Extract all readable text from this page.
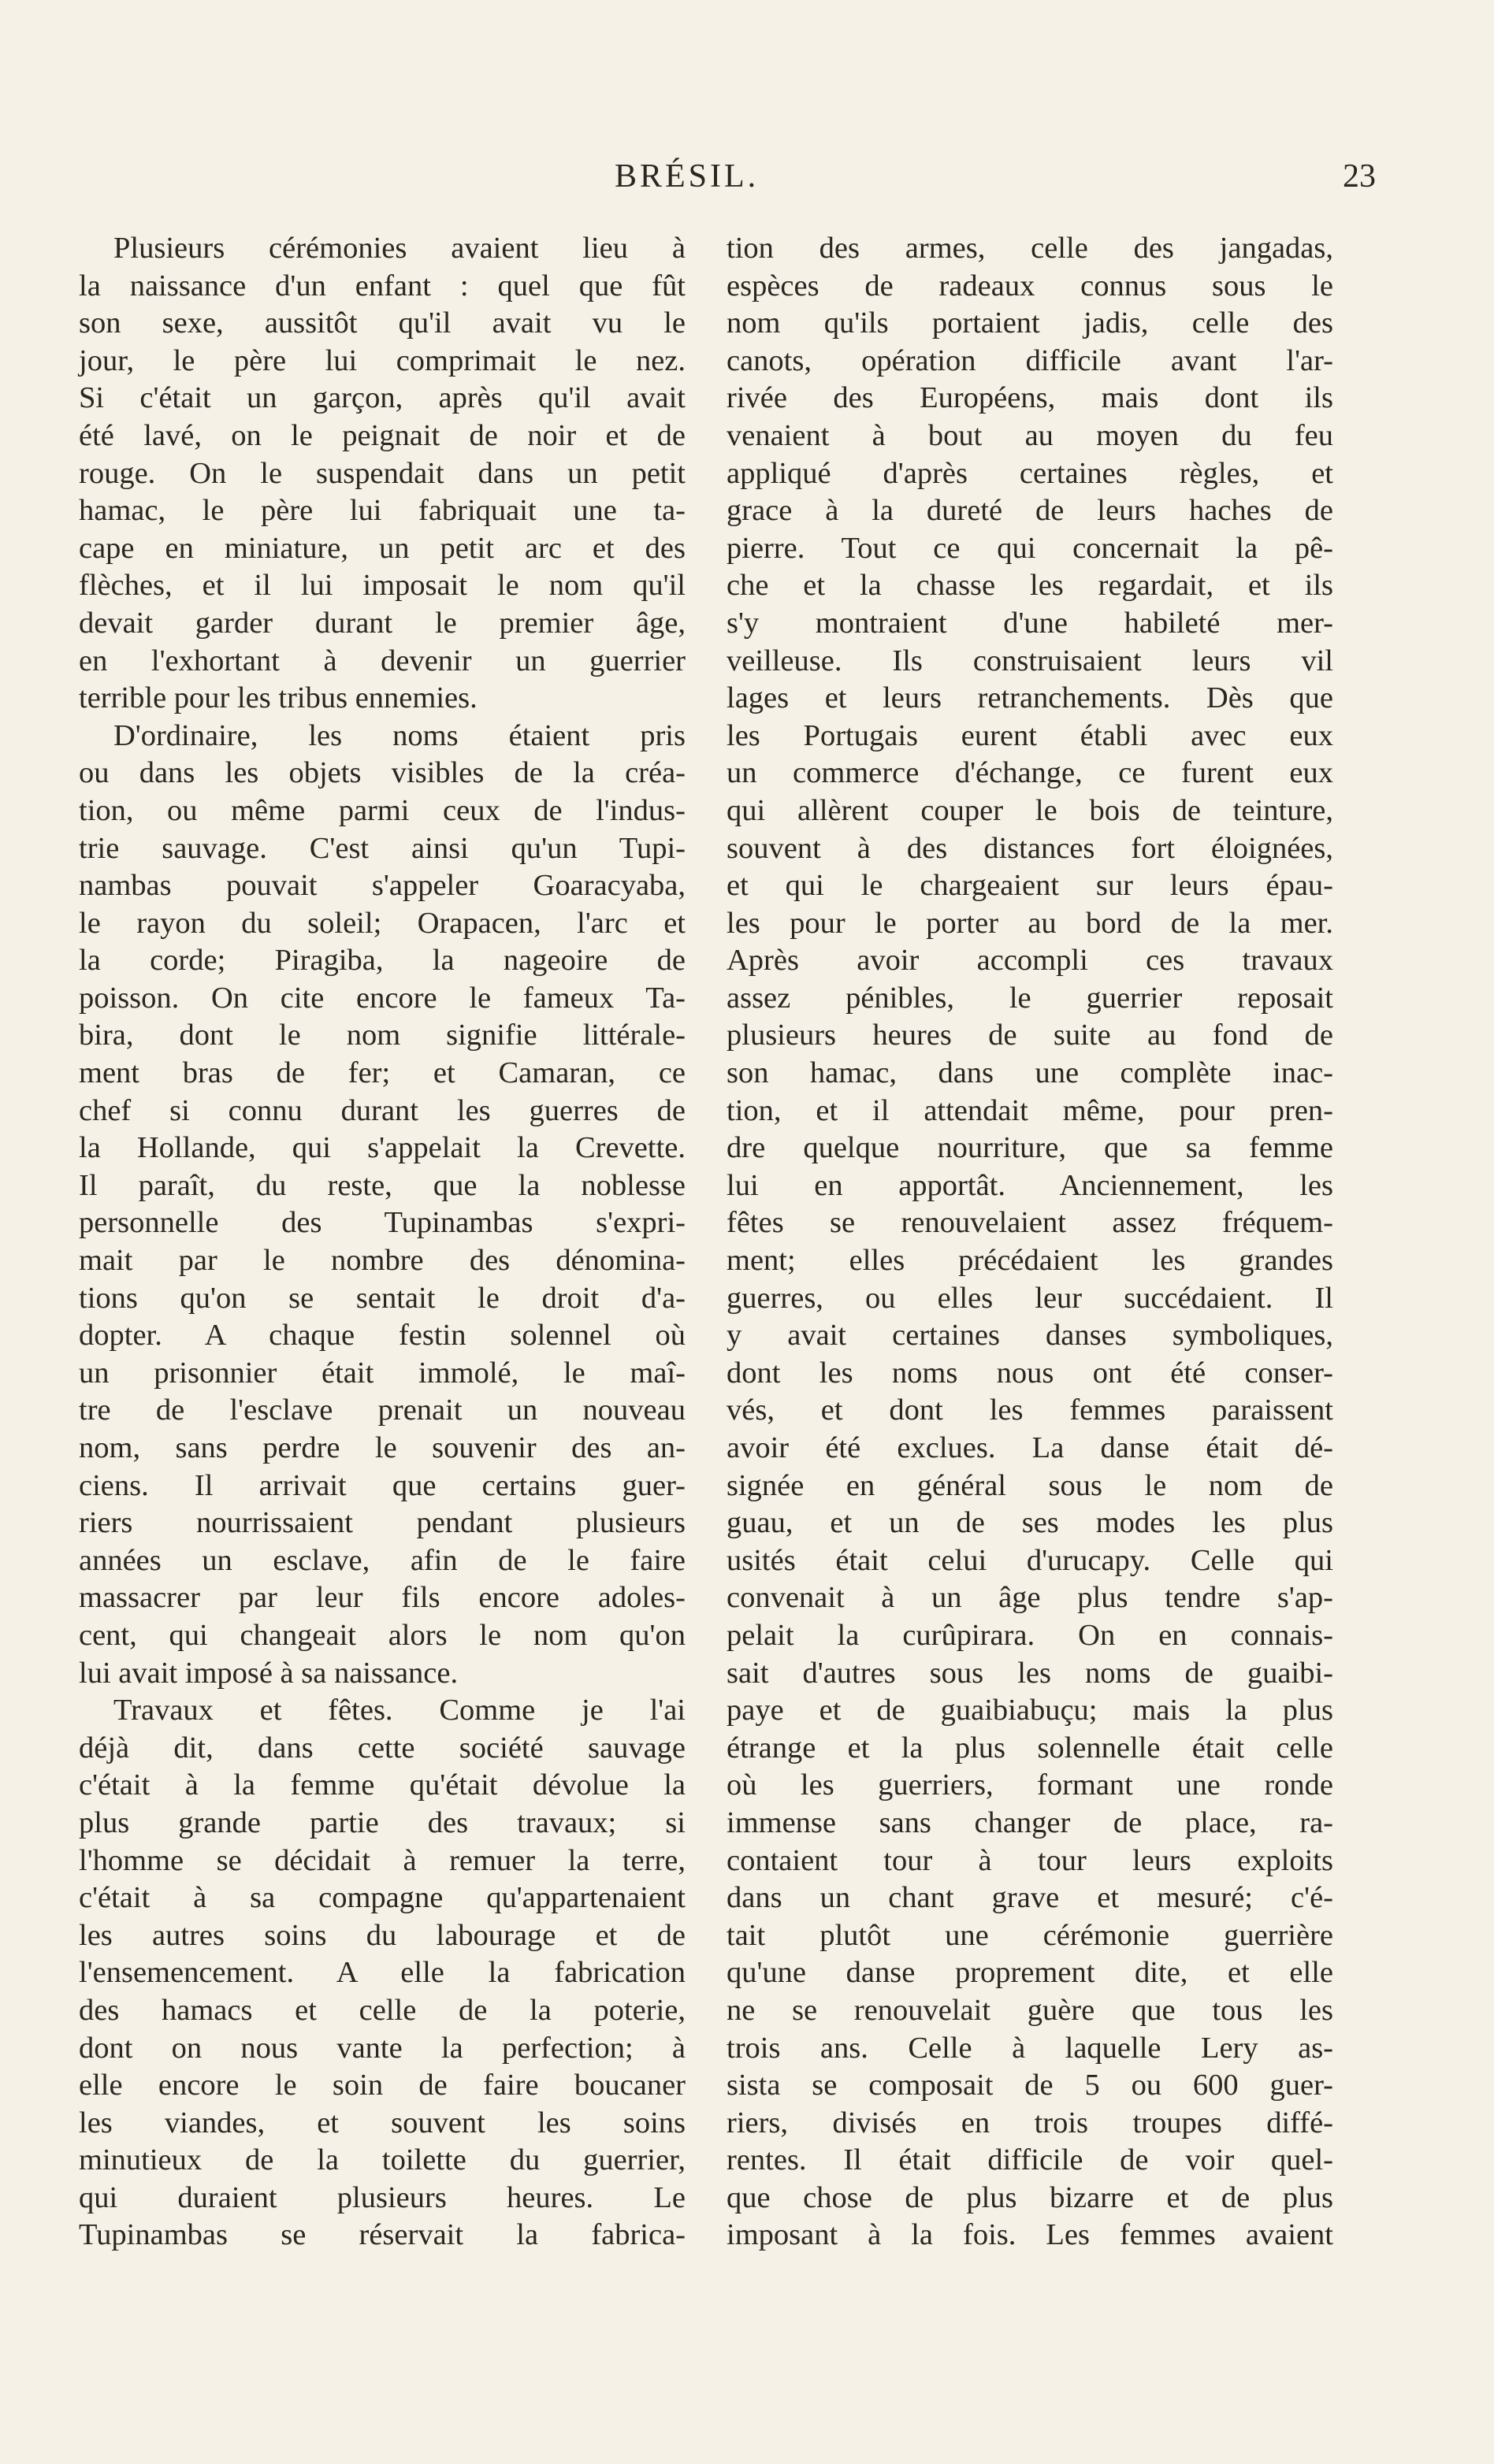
BRÉSIL.	23
Plusieurs cérémonies avaient lieu à
la naissance d'un enfant : quel que fût
son sexe, aussitôt qu'il avait vu le
jour, le père lui comprimait le nez.
Si c'était un garçon, après qu'il avait
été lavé, on le peignait de noir et de
rouge. On le suspendait dans un petit
hamac, le père lui fabriquait une ta-
cape en miniature, un petit arc et des
flèches, et il lui imposait le nom qu'il
devait garder durant le premier âge,
en l'exhortant à devenir un guerrier
terrible pour les tribus ennemies.
D'ordinaire, les noms étaient pris
ou dans les objets visibles de la créa-
tion, ou même parmi ceux de l'indus-
trie sauvage. C'est ainsi qu'un Tupi-
nambas pouvait s'appeler Goaracyaba,
le rayon du soleil; Orapacen, l'arc et
la corde; Piragiba, la nageoire de
poisson. On cite encore le fameux Ta-
bira, dont le nom signifie littérale-
ment bras de fer; et Camaran, ce
chef si connu durant les guerres de
la Hollande, qui s'appelait la Crevette.
Il paraît, du reste, que la noblesse
personnelle des Tupinambas s'expri-
mait par le nombre des dénomina-
tions qu'on se sentait le droit d'a-
dopter. A chaque festin solennel où
un prisonnier était immolé, le maî-
tre de l'esclave prenait un nouveau
nom, sans perdre le souvenir des an-
ciens. Il arrivait que certains guer-
riers nourrissaient pendant plusieurs
années un esclave, afin de le faire
massacrer par leur fils encore adoles-
cent, qui changeait alors le nom qu'on
lui avait imposé à sa naissance.
Travaux et fêtes. Comme je l'ai
déjà dit, dans cette société sauvage
c'était à la femme qu'était dévolue la
plus grande partie des travaux; si
l'homme se décidait à remuer la terre,
c'était à sa compagne qu'appartenaient
les autres soins du labourage et de
l'ensemencement. A elle la fabrication
des hamacs et celle de la poterie,
dont on nous vante la perfection; à
elle encore le soin de faire boucaner
les viandes, et souvent les soins
minutieux de la toilette du guerrier,
qui duraient plusieurs heures. Le
Tupinambas se réservait la fabrica-
tion des armes, celle des jangadas,
espèces de radeaux connus sous le
nom qu'ils portaient jadis, celle des
canots, opération difficile avant l'ar-
rivée des Européens, mais dont ils
venaient à bout au moyen du feu
appliqué d'après certaines règles, et
grace à la dureté de leurs haches de
pierre. Tout ce qui concernait la pê-
che et la chasse les regardait, et ils
s'y montraient d'une habileté mer-
veilleuse. Ils construisaient leurs vil
lages et leurs retranchements. Dès que
les Portugais eurent établi avec eux
un commerce d'échange, ce furent eux
qui allèrent couper le bois de teinture,
souvent à des distances fort éloignées,
et qui le chargeaient sur leurs épau-
les pour le porter au bord de la mer.
Après avoir accompli ces travaux
assez pénibles, le guerrier reposait
plusieurs heures de suite au fond de
son hamac, dans une complète inac-
tion, et il attendait même, pour pren-
dre quelque nourriture, que sa femme
lui en apportât. Anciennement, les
fêtes se renouvelaient assez fréquem-
ment; elles précédaient les grandes
guerres, ou elles leur succédaient. Il
y avait certaines danses symboliques,
dont les noms nous ont été conser-
vés, et dont les femmes paraissent
avoir été exclues. La danse était dé-
signée en général sous le nom de
guau, et un de ses modes les plus
usités était celui d'urucapy. Celle qui
convenait à un âge plus tendre s'ap-
pelait la curûpirara. On en connais-
sait d'autres sous les noms de guaibi-
paye et de guaibiabuçu; mais la plus
étrange et la plus solennelle était celle
où les guerriers, formant une ronde
immense sans changer de place, ra-
contaient tour à tour leurs exploits
dans un chant grave et mesuré; c'é-
tait plutôt une cérémonie guerrière
qu'une danse proprement dite, et elle
ne se renouvelait guère que tous les
trois ans. Celle à laquelle Lery as-
sista se composait de 5 ou 600 guer-
riers, divisés en trois troupes diffé-
rentes. Il était difficile de voir quel-
que chose de plus bizarre et de plus
imposant à la fois. Les femmes avaient
